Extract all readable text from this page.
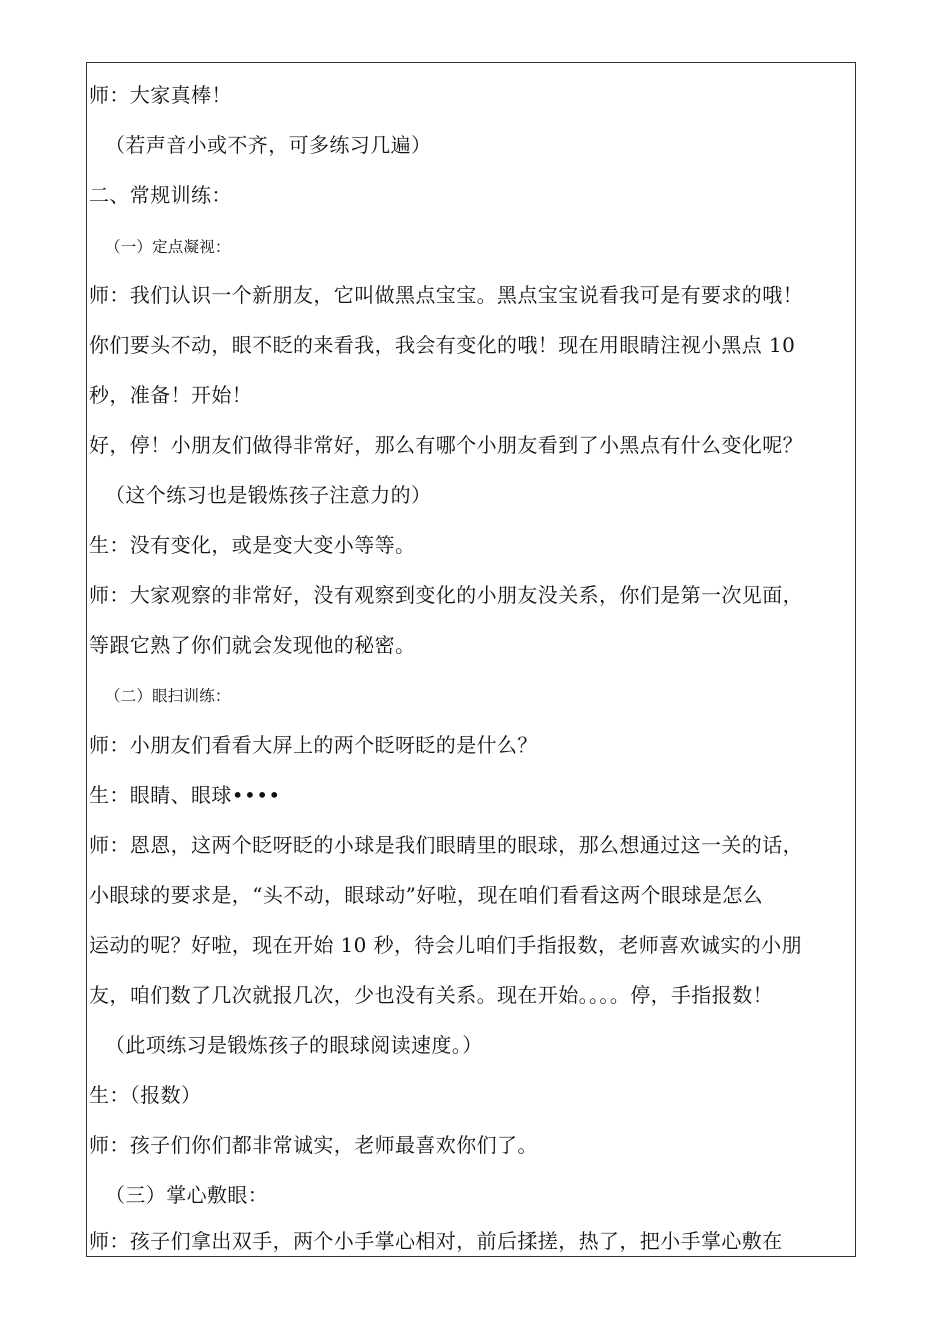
师：大家真棒！
（若声音小或不齐，可多练习几遍）
二、常规训练：
（一）定点凝视：
师：我们认识一个新朋友，它叫做黑点宝宝。黑点宝宝说看我可是有要求的哦！
你们要头不动，眼不眨的来看我，我会有变化的哦！现在用眼睛注视小黑点 10
秒，准备！开始！
好，停！小朋友们做得非常好，那么有哪个小朋友看到了小黑点有什么变化呢？
（这个练习也是锻炼孩子注意力的）
生：没有变化，或是变大变小等等。
师：大家观察的非常好，没有观察到变化的小朋友没关系，你们是第一次见面，
等跟它熟了你们就会发现他的秘密。
（二）眼扫训练：
师：小朋友们看看大屏上的两个眨呀眨的是什么？
生：眼睛、眼球••••
师：恩恩，这两个眨呀眨的小球是我们眼睛里的眼球，那么想通过这一关的话，
小眼球的要求是，“头不动，眼球动”好啦，现在咱们看看这两个眼球是怎么
运动的呢？好啦，现在开始 10 秒，待会儿咱们手指报数，老师喜欢诚实的小朋
友，咱们数了几次就报几次，少也没有关系。现在开始。。。。停，手指报数！
（此项练习是锻炼孩子的眼球阅读速度。）
生：（报数）
师：孩子们你们都非常诚实，老师最喜欢你们了。
（三）掌心敷眼：
师：孩子们拿出双手，两个小手掌心相对，前后揉搓，热了，把小手掌心敷在
